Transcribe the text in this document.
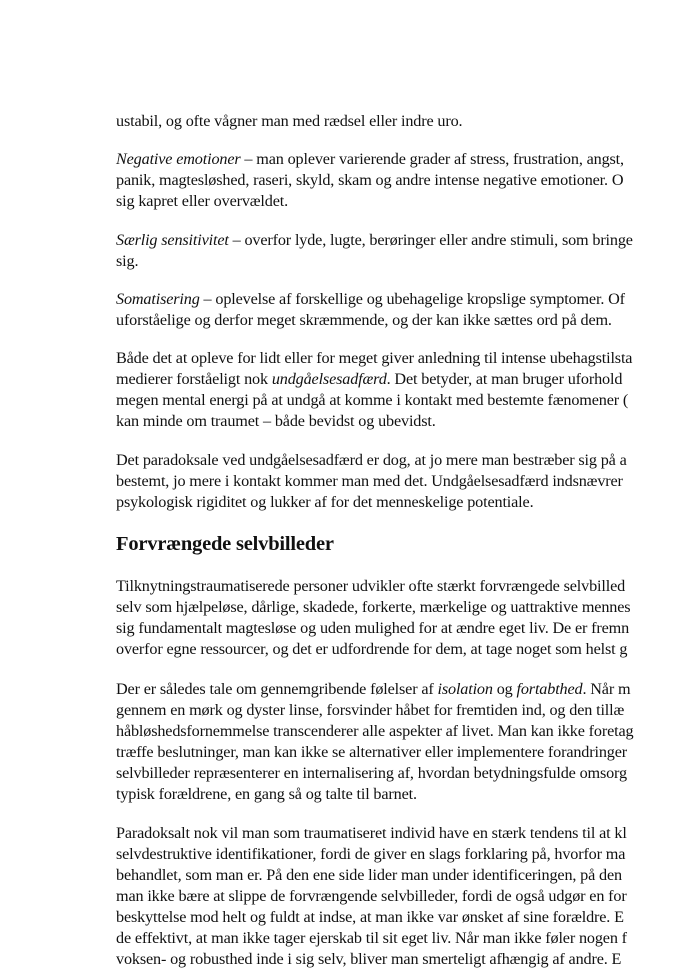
ustabil, og ofte vågner man med rædsel eller indre uro.
Negative emotioner – man oplever varierende grader af stress, frustration, angst,
panik, magtesløshed, raseri, skyld, skam og andre intense negative emotioner. O
sig kapret eller overvældet.
Særlig sensitivitet – overfor lyde, lugte, berøringer eller andre stimuli, som bringe
sig.
Somatisering – oplevelse af forskellige og ubehagelige kropslige symptomer. Of
uforståelige og derfor meget skræmmende, og der kan ikke sættes ord på dem.
Både det at opleve for lidt eller for meget giver anledning til intense ubehagstilsta
medierer forståeligt nok undgåelsesadfærd. Det betyder, at man bruger uforhold
megen mental energi på at undgå at komme i kontakt med bestemte fænomener (
kan minde om traumet – både bevidst og ubevidst.
Det paradoksale ved undgåelsesadfærd er dog, at jo mere man bestræber sig på a
bestemt, jo mere i kontakt kommer man med det. Undgåelsesadfærd indsnævrer
psykologisk rigiditet og lukker af for det menneskelige potentiale.
Forvrængede selvbilleder
Tilknytningstraumatiserede personer udvikler ofte stærkt forvrængede selvbilled
selv som hjælpeløse, dårlige, skadede, forkerte, mærkelige og uattraktive mennes
sig fundamentalt magtesløse og uden mulighed for at ændre eget liv. De er fremn
overfor egne ressourcer, og det er udfordrende for dem, at tage noget som helst g
Der er således tale om gennemgribende følelser af isolation og fortabthed. Når m
gennem en mørk og dyster linse, forsvinder håbet for fremtiden ind, og den tillæ
håbløshedsfornemmelse transcenderer alle aspekter af livet. Man kan ikke foretag
træffe beslutninger, man kan ikke se alternativer eller implementere forandringer
selvbilleder repræsenterer en internalisering af, hvordan betydningsfulde omsorg
typisk forældrene, en gang så og talte til barnet.
Paradoksalt nok vil man som traumatiseret individ have en stærk tendens til at kl
selvdestruktive identifikationer, fordi de giver en slags forklaring på, hvorfor ma
behandlet, som man er. På den ene side lider man under identificeringen, på den
man ikke bære at slippe de forvrængende selvbilleder, fordi de også udgør en for
beskyttelse mod helt og fuldt at indse, at man ikke var ønsket af sine forældre. E
de effektivt, at man ikke tager ejerskab til sit eget liv. Når man ikke føler nogen f
voksen- og robusthed inde i sig selv, bliver man smerteligt afhængig af andre. E
